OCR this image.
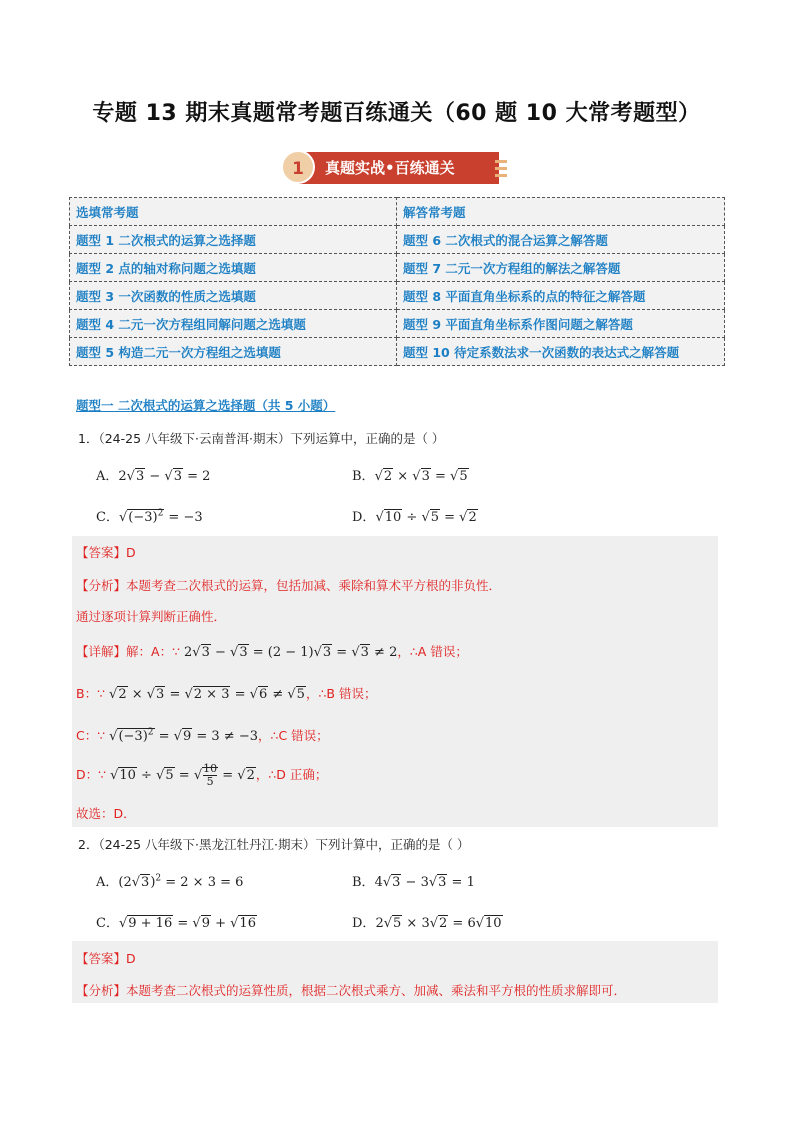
专题 13 期末真题常考题百练通关（60 题 10 大常考题型）
1	真题实战•百练通关
选填常考题	解答常考题
题型 1 二次根式的运算之选择题	题型 6 二次根式的混合运算之解答题
题型 2 点的轴对称问题之选填题	题型 7 二元一次方程组的解法之解答题
题型 3 一次函数的性质之选填题	题型 8 平面直角坐标系的点的特征之解答题
题型 4 二元一次方程组同解问题之选填题	题型 9 平面直角坐标系作图问题之解答题
题型 5 构造二元一次方程组之选填题	题型 10 待定系数法求一次函数的表达式之解答题
题型一 二次根式的运算之选择题（共 5 小题）
1．（24-25 八年级下·云南普洱·期末）下列运算中，正确的是（ ）
A．2√3 − √3 = 2	B．√2 × √3 = √5
C．$√(-3)^2 = -3$	D．√10 ÷ √5 = √2
【答案】D
【分析】本题考查二次根式的运算，包括加减、乘除和算术平方根的非负性．
通过逐项计算判断正确性．
【详解】解：A：∵ 2√3 − √3 = (2 − 1)√3 = √3 ≠ 2，∴A 错误；
B：∵ √2 × √3 = √2 × 3 = √6 ≠ √5，∴B 错误；
C：∵ $√(-3)^2 = √9 = 3 \ne -3$，∴C 错误；
D：∵ √10 ÷ √5 = √ $\frac{10}{5} = √2$，∴D 正确；
故选：D．
2．（24-25 八年级下·黑龙江牡丹江·期末）下列计算中，正确的是（ ）
A．$(2√3)^2 = 2 \times 3 = 6$	B．4√3 − 3√3 = 1
C．√9 + 16 = √9 + √16	D．2√5 × 3√2 = 6√10
【答案】D
【分析】本题考查二次根式的运算性质，根据二次根式乘方、加减、乘法和平方根的性质求解即可．
